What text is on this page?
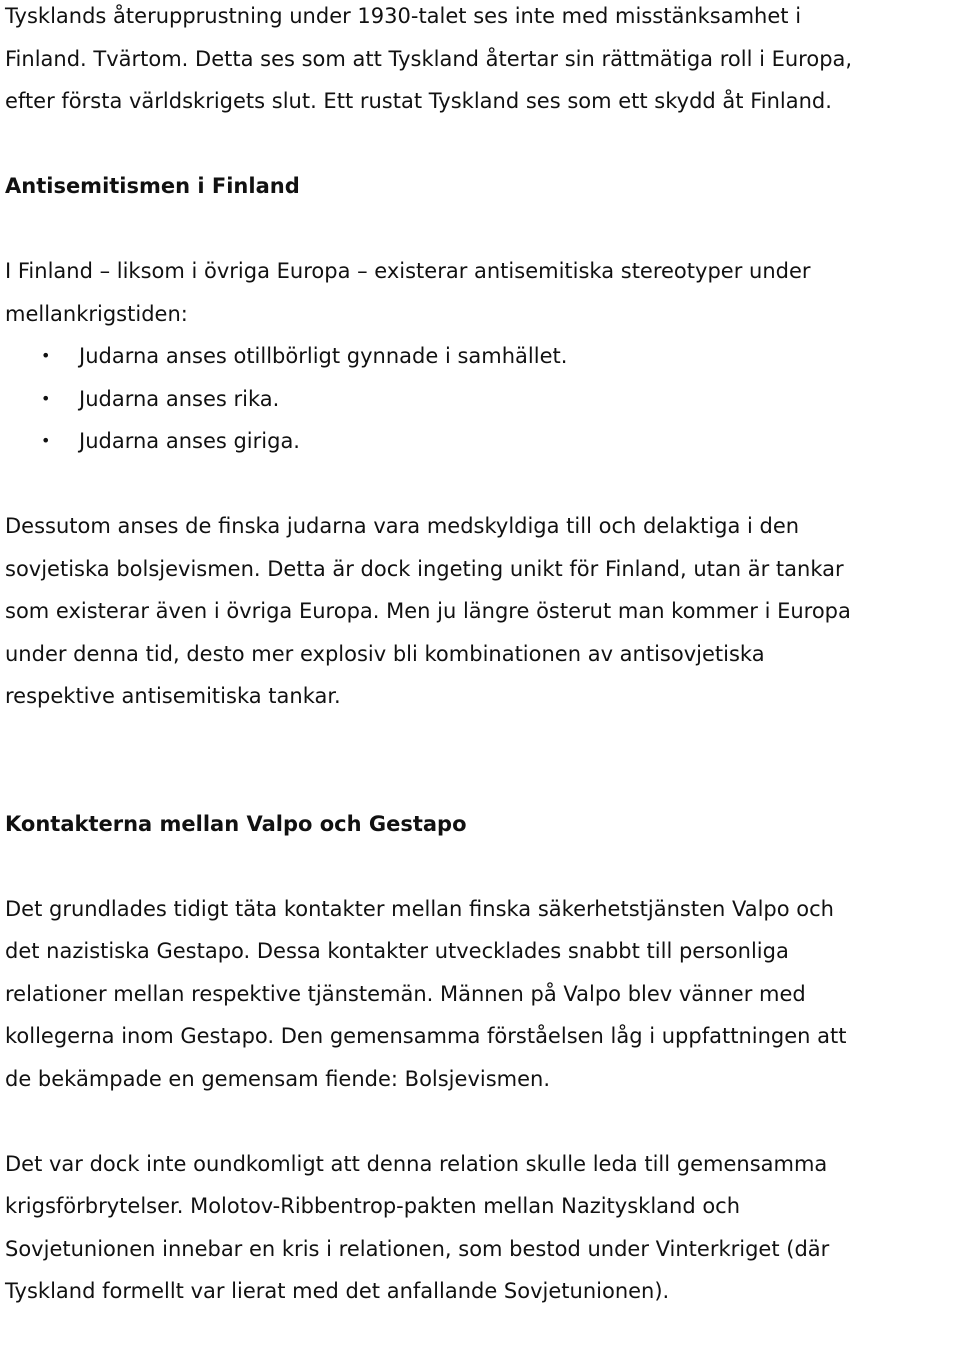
Tysklands återupprustning under 1930-talet ses inte med misstänksamhet i
Finland. Tvärtom. Detta ses som att Tyskland återtar sin rättmätiga roll i Europa,
efter första världskrigets slut. Ett rustat Tyskland ses som ett skydd åt Finland.

Antisemitismen i Finland

I Finland – liksom i övriga Europa – existerar antisemitiska stereotyper under
mellankrigstiden:

• Judarna anses otillbörligt gynnade i samhället.
• Judarna anses rika.
• Judarna anses giriga.

Dessutom anses de finska judarna vara medskyldiga till och delaktiga i den
sovjetiska bolsjevismen. Detta är dock ingeting unikt för Finland, utan är tankar
som existerar även i övriga Europa. Men ju längre österut man kommer i Europa
under denna tid, desto mer explosiv bli kombinationen av antisovjetiska
respektive antisemitiska tankar.

Kontakterna mellan Valpo och Gestapo

Det grundlades tidigt täta kontakter mellan finska säkerhetstjänsten Valpo och
det nazistiska Gestapo. Dessa kontakter utvecklades snabbt till personliga
relationer mellan respektive tjänstemän. Männen på Valpo blev vänner med
kollegerna inom Gestapo. Den gemensamma förståelsen låg i uppfattningen att
de bekämpade en gemensam fiende: Bolsjevismen.

Det var dock inte oundkomligt att denna relation skulle leda till gemensamma
krigsförbrytelser. Molotov-Ribbentrop-pakten mellan Nazityskland och
Sovjetunionen innebar en kris i relationen, som bestod under Vinterkriget (där
Tyskland formellt var lierat med det anfallande Sovjetunionen).
